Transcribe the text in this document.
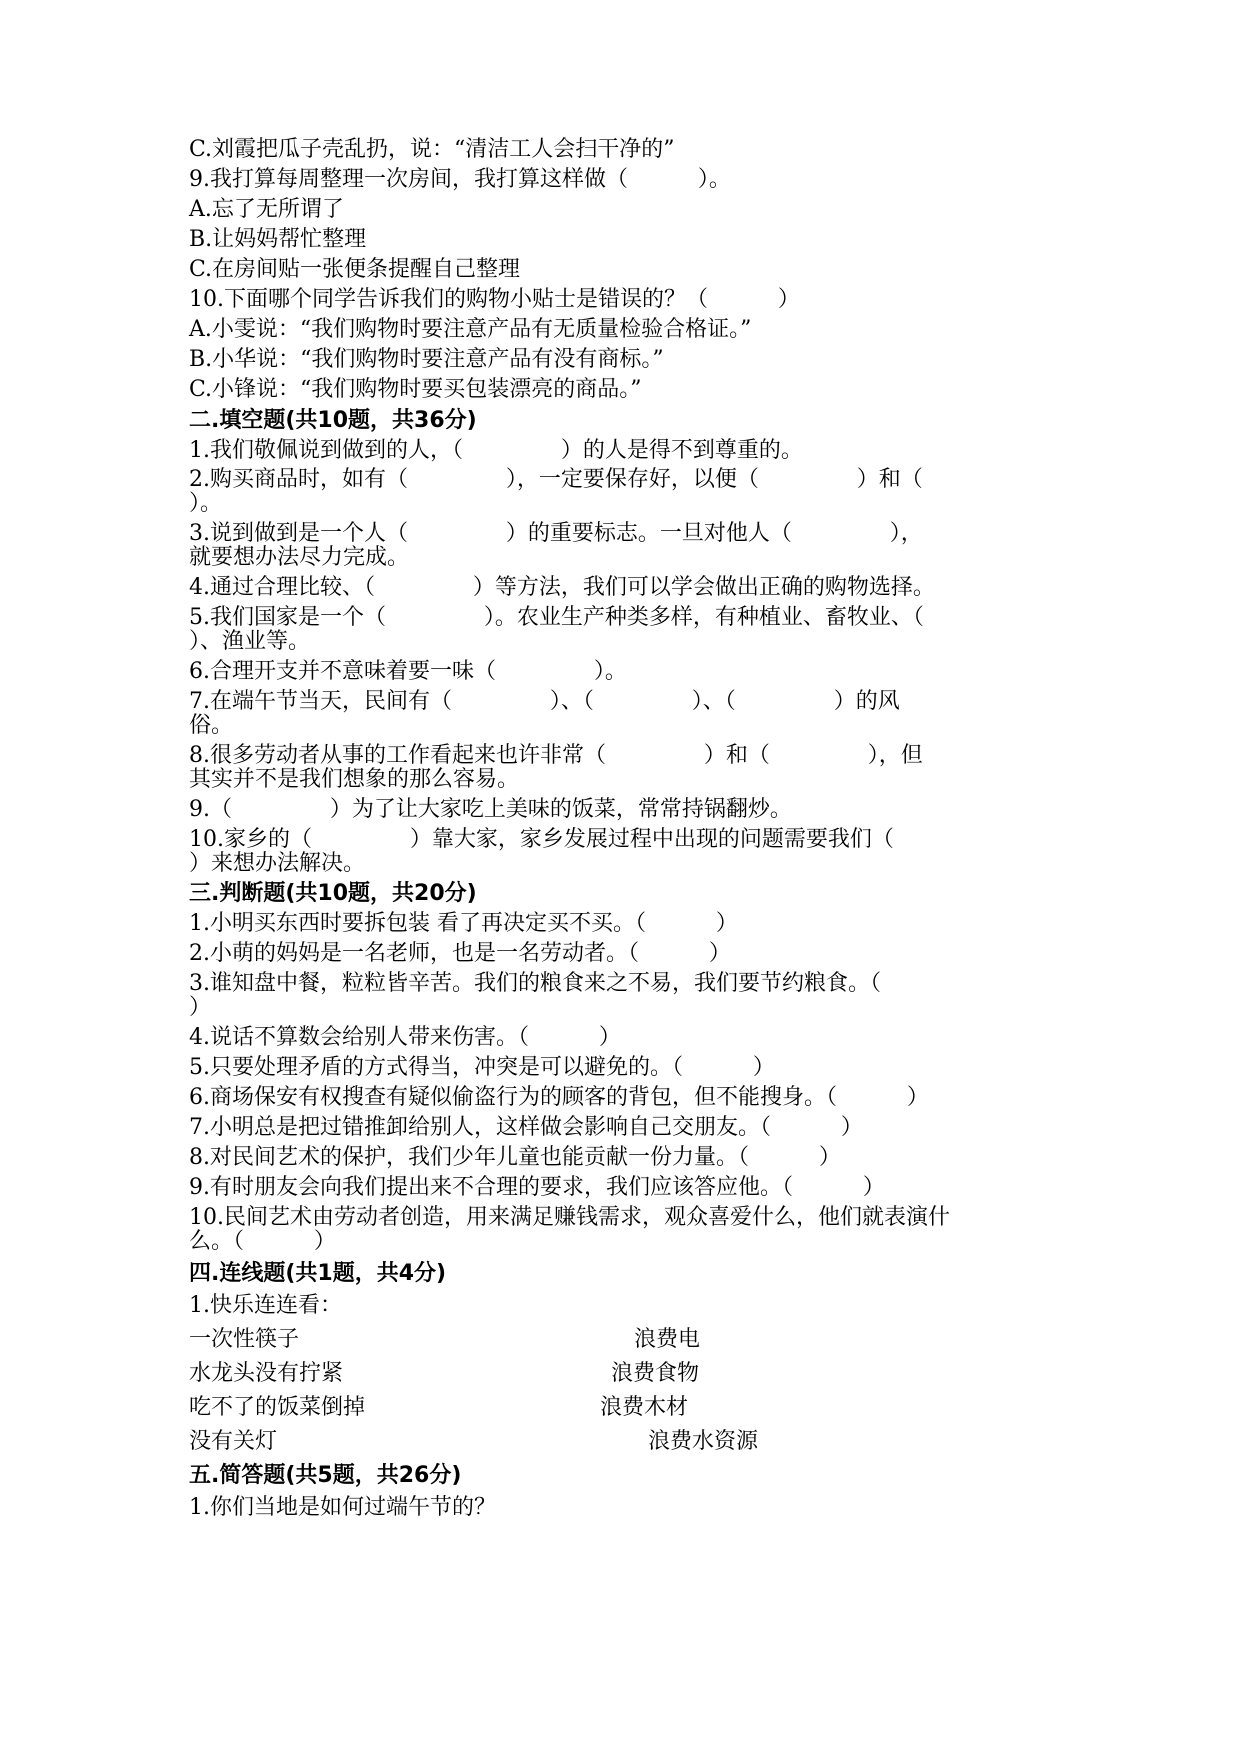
C.刘霞把瓜子壳乱扔，说：“清洁工人会扫干净的”
9.我打算每周整理一次房间，我打算这样做（          ）。
A.忘了无所谓了
B.让妈妈帮忙整理
C.在房间贴一张便条提醒自己整理
10.下面哪个同学告诉我们的购物小贴士是错误的？（          ）
A.小雯说：“我们购物时要注意产品有无质量检验合格证。”
B.小华说：“我们购物时要注意产品有没有商标。”
C.小锋说：“我们购物时要买包装漂亮的商品。”
二.填空题(共10题，共36分)
1.我们敬佩说到做到的人，（              ）的人是得不到尊重的。
2.购买商品时，如有（              ），一定要保存好，以便（              ）和（
）。
3.说到做到是一个人（              ）的重要标志。一旦对他人（              ），
就要想办法尽力完成。
4.通过合理比较、（              ）等方法，我们可以学会做出正确的购物选择。
5.我们国家是一个（              ）。农业生产种类多样，有种植业、畜牧业、（
）、渔业等。
6.合理开支并不意味着要一味（              ）。
7.在端午节当天，民间有（              ）、（              ）、（              ）的风
俗。
8.很多劳动者从事的工作看起来也许非常（              ）和（              ），但
其实并不是我们想象的那么容易。
9.（              ）为了让大家吃上美味的饭菜，常常持锅翻炒。
10.家乡的（              ）靠大家，家乡发展过程中出现的问题需要我们（
）来想办法解决。
三.判断题(共10题，共20分)
1.小明买东西时要拆包装 看了再决定买不买。（          ）
2.小萌的妈妈是一名老师，也是一名劳动者。（          ）
3.谁知盘中餐，粒粒皆辛苦。我们的粮食来之不易，我们要节约粮食。（
）
4.说话不算数会给别人带来伤害。（          ）
5.只要处理矛盾的方式得当，冲突是可以避免的。（          ）
6.商场保安有权搜查有疑似偷盗行为的顾客的背包，但不能搜身。（          ）
7.小明总是把过错推卸给别人，这样做会影响自己交朋友。（          ）
8.对民间艺术的保护，我们少年儿童也能贡献一份力量。（          ）
9.有时朋友会向我们提出来不合理的要求，我们应该答应他。（          ）
10.民间艺术由劳动者创造，用来满足赚钱需求，观众喜爱什么，他们就表演什
么。（          ）
四.连线题(共1题，共4分)
1.快乐连连看：
一次性筷子	浪费电
水龙头没有拧紧	浪费食物
吃不了的饭菜倒掉	浪费木材
没有关灯	浪费水资源
五.简答题(共5题，共26分)
1.你们当地是如何过端午节的？
